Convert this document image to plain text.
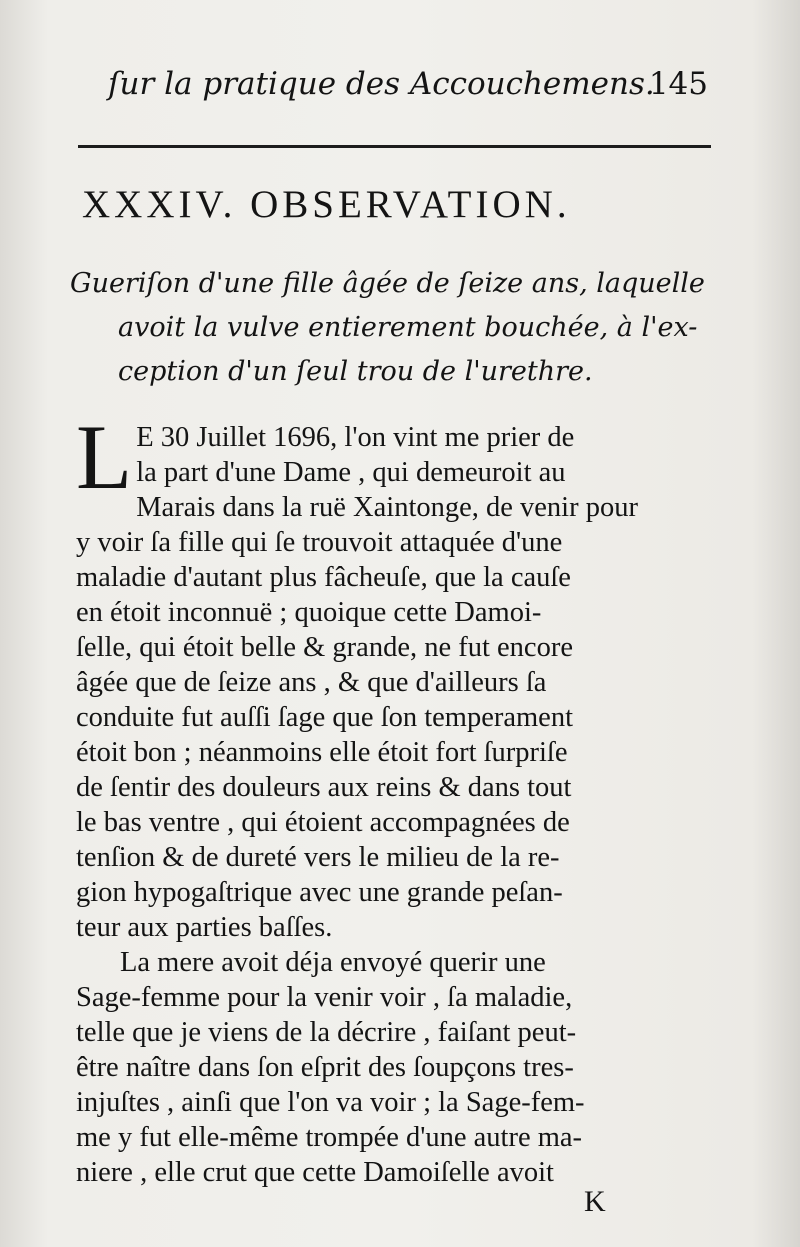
ſur la pratique des Accouchemens.
145
XXXIV. OBSERVATION.
Gueriſon d'une fille âgée de ſeize ans, laquelle
avoit la vulve entierement bouchée, à l'ex-
ception d'un ſeul trou de l'urethre.
L E 30 Juillet 1696, l'on vint me prier de
la part d'une Dame , qui demeuroit au
Marais dans la ruë Xaintonge, de venir pour
y voir ſa fille qui ſe trouvoit attaquée d'une
maladie d'autant plus fâcheuſe, que la cauſe
en étoit inconnuë ; quoique cette Damoi-
ſelle, qui étoit belle & grande, ne fut encore
âgée que de ſeize ans , & que d'ailleurs ſa
conduite fut auſſi ſage que ſon temperament
étoit bon ; néanmoins elle étoit fort ſurpriſe
de ſentir des douleurs aux reins & dans tout
le bas ventre , qui étoient accompagnées de
tenſion & de dureté vers le milieu de la re-
gion hypogaſtrique avec une grande peſan-
teur aux parties baſſes.
La mere avoit déja envoyé querir une
Sage-femme pour la venir voir , ſa maladie,
telle que je viens de la décrire , faiſant peut-
être naître dans ſon eſprit des ſoupçons tres-
injuſtes , ainſi que l'on va voir ; la Sage-fem-
me y fut elle-même trompée d'une autre ma-
niere , elle crut que cette Damoiſelle avoit
K
